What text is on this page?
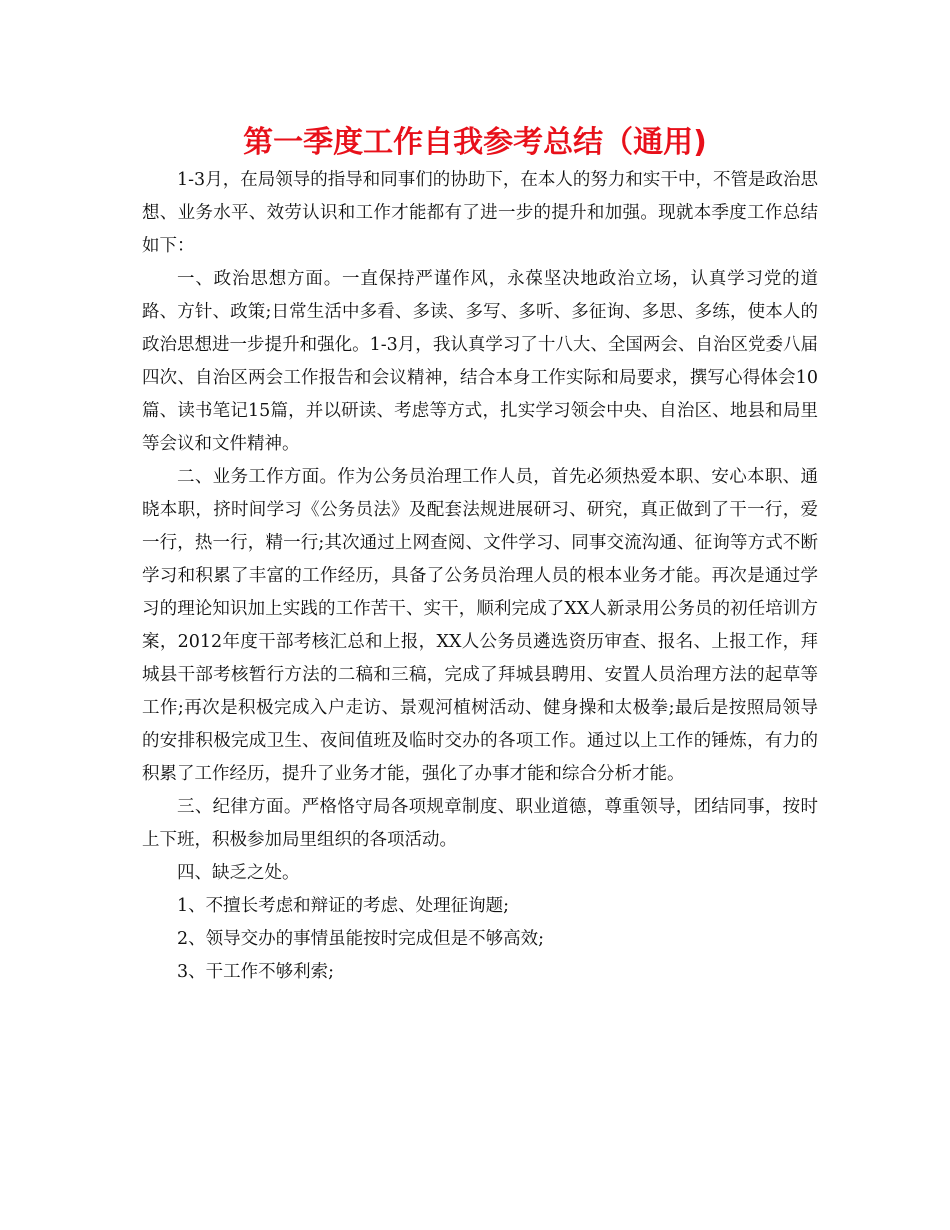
第一季度工作自我参考总结（通用)

1-3月，在局领导的指导和同事们的协助下，在本人的努力和实干中，不管是政治思想、业务水平、效劳认识和工作才能都有了进一步的提升和加强。现就本季度工作总结如下：

一、政治思想方面。一直保持严谨作风，永葆坚决地政治立场，认真学习党的道路、方针、政策;日常生活中多看、多读、多写、多听、多征询、多思、多练，使本人的政治思想进一步提升和强化。1-3月，我认真学习了十八大、全国两会、自治区党委八届四次、自治区两会工作报告和会议精神，结合本身工作实际和局要求，撰写心得体会10篇、读书笔记15篇，并以研读、考虑等方式，扎实学习领会中央、自治区、地县和局里等会议和文件精神。

二、业务工作方面。作为公务员治理工作人员，首先必须热爱本职、安心本职、通晓本职，挤时间学习《公务员法》及配套法规进展研习、研究，真正做到了干一行，爱一行，热一行，精一行;其次通过上网查阅、文件学习、同事交流沟通、征询等方式不断学习和积累了丰富的工作经历，具备了公务员治理人员的根本业务才能。再次是通过学习的理论知识加上实践的工作苦干、实干，顺利完成了XX人新录用公务员的初任培训方案，2012年度干部考核汇总和上报，XX人公务员遴选资历审查、报名、上报工作，拜城县干部考核暂行方法的二稿和三稿，完成了拜城县聘用、安置人员治理方法的起草等工作;再次是积极完成入户走访、景观河植树活动、健身操和太极拳;最后是按照局领导的安排积极完成卫生、夜间值班及临时交办的各项工作。通过以上工作的锤炼，有力的积累了工作经历，提升了业务才能，强化了办事才能和综合分析才能。

三、纪律方面。严格恪守局各项规章制度、职业道德，尊重领导，团结同事，按时上下班，积极参加局里组织的各项活动。

四、缺乏之处。

1、不擅长考虑和辩证的考虑、处理征询题;

2、领导交办的事情虽能按时完成但是不够高效;

3、干工作不够利索;
